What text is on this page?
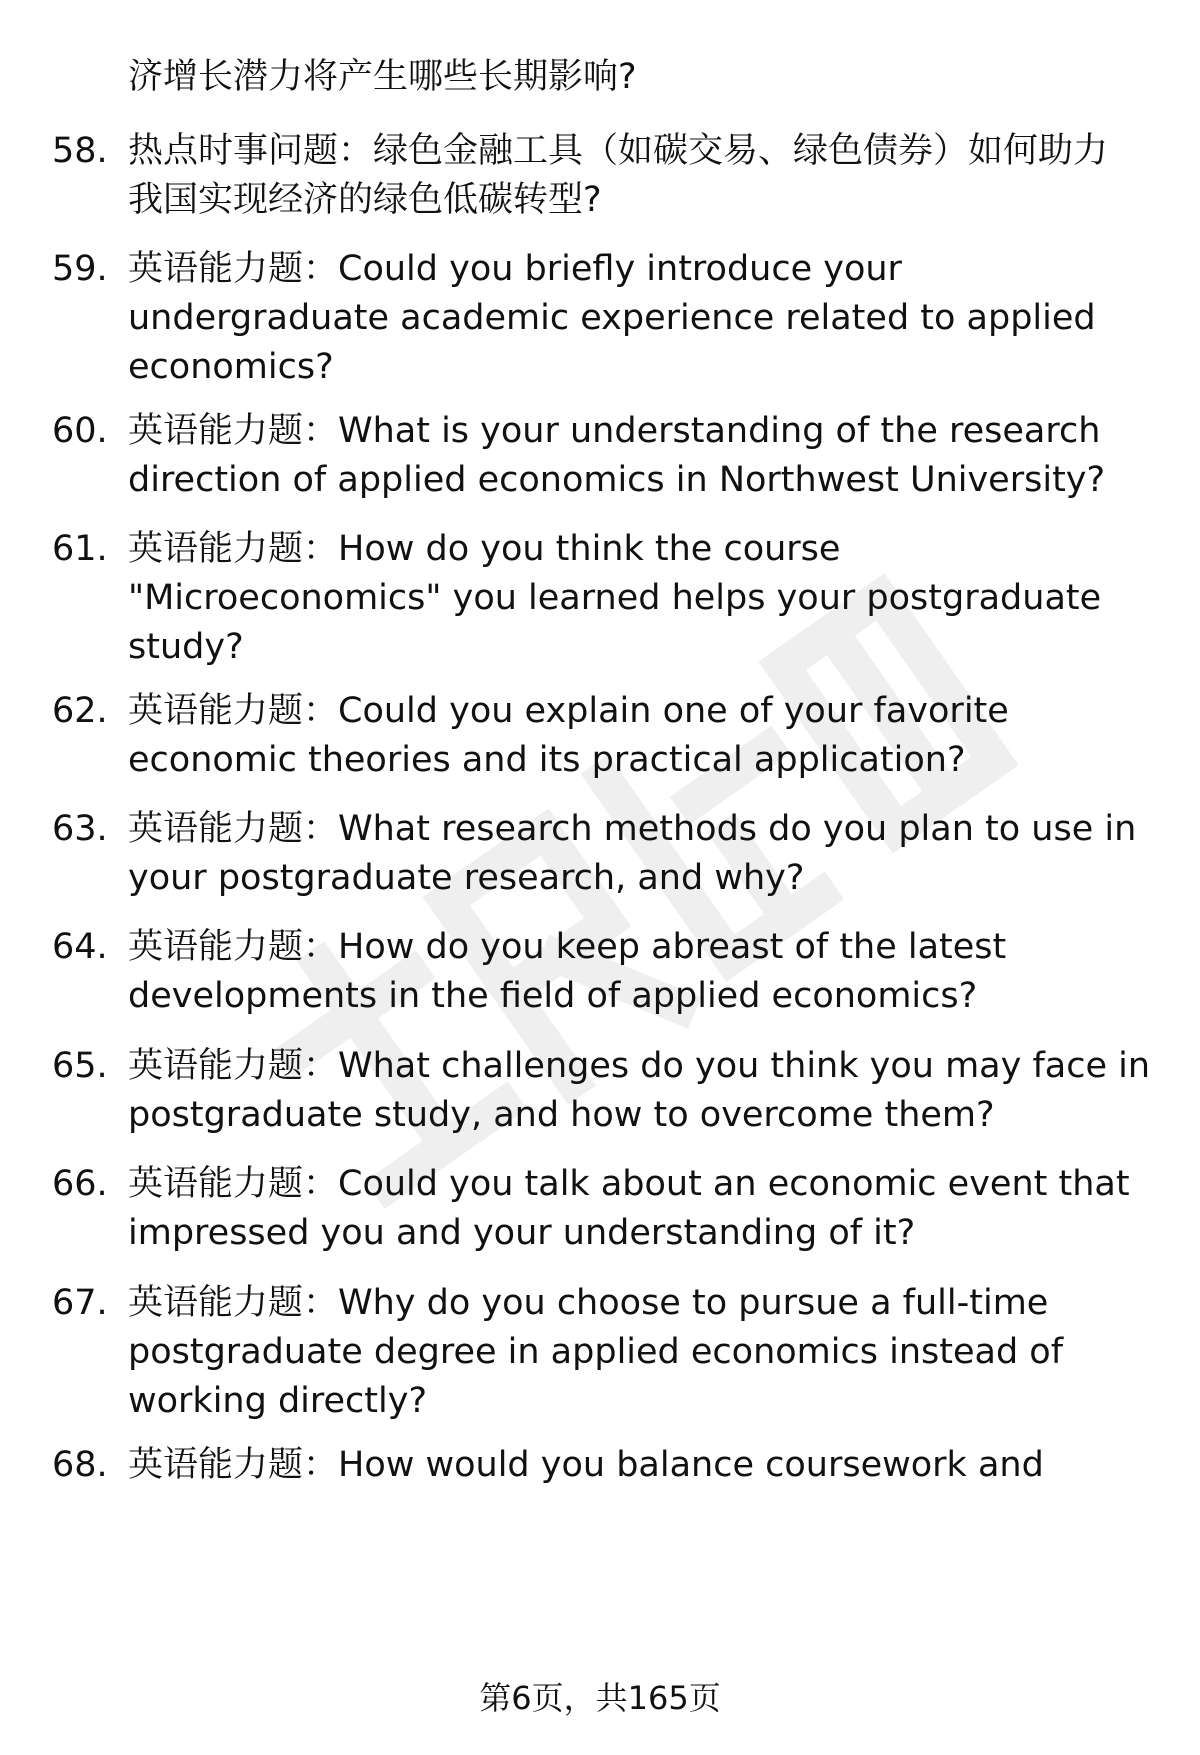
济增长潜力将产生哪些长期影响?
58. 热点时事问题：绿色金融工具（如碳交易、绿色债券）如何助力
我国实现经济的绿色低碳转型?
59. 英语能力题：Could you briefly introduce your
undergraduate academic experience related to applied
economics?
60. 英语能力题：What is your understanding of the research
direction of applied economics in Northwest University?
61. 英语能力题：How do you think the course
"Microeconomics" you learned helps your postgraduate
study?
62. 英语能力题：Could you explain one of your favorite
economic theories and its practical application?
63. 英语能力题：What research methods do you plan to use in
your postgraduate research, and why?
64. 英语能力题：How do you keep abreast of the latest
developments in the field of applied economics?
65. 英语能力题：What challenges do you think you may face in
postgraduate study, and how to overcome them?
66. 英语能力题：Could you talk about an economic event that
impressed you and your understanding of it?
67. 英语能力题：Why do you choose to pursue a full-time
postgraduate degree in applied economics instead of
working directly?
68. 英语能力题：How would you balance coursework and
第6页，共165页
